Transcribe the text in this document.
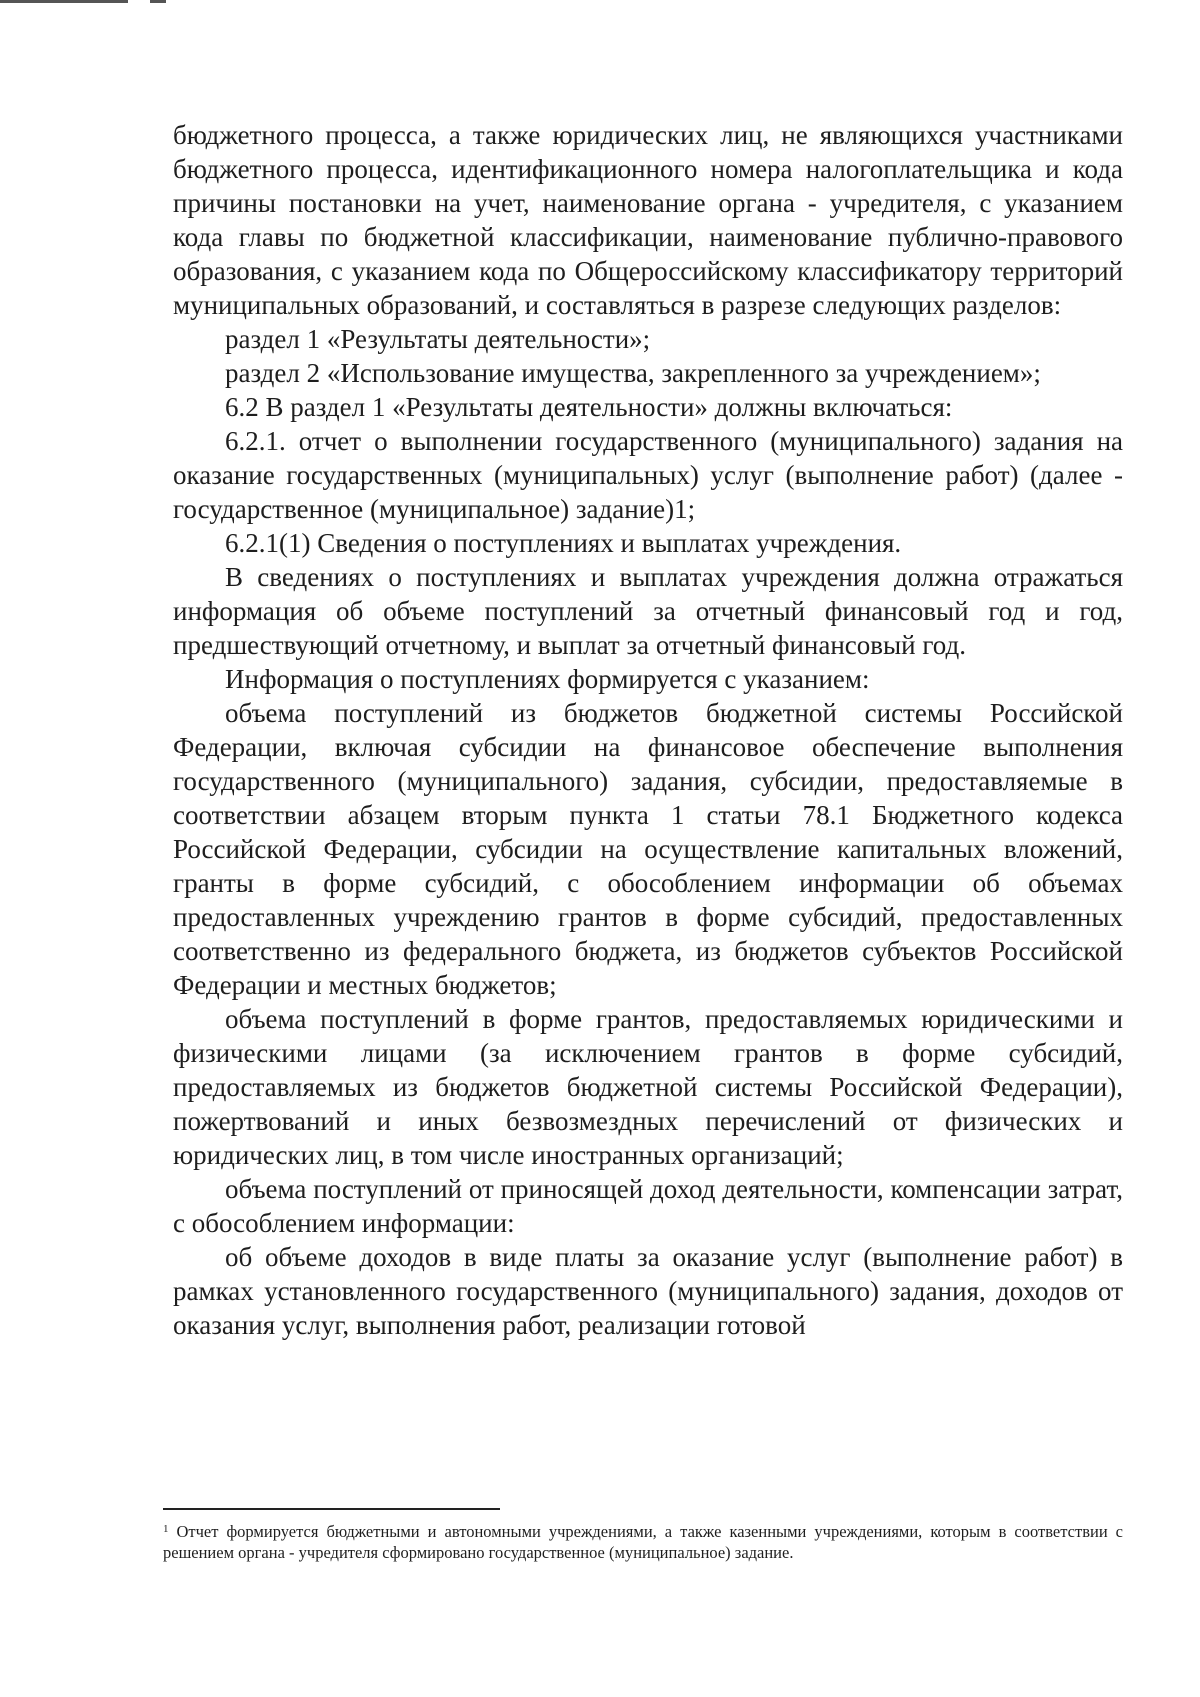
бюджетного процесса, а также юридических лиц, не являющихся участниками бюджетного процесса, идентификационного номера налогоплательщика и кода причины постановки на учет, наименование органа - учредителя, с указанием кода главы по бюджетной классификации, наименование публично-правового образования, с указанием кода по Общероссийскому классификатору территорий муниципальных образований, и составляться в разрезе следующих разделов:

раздел 1 «Результаты деятельности»;

раздел 2 «Использование имущества, закрепленного за учреждением»;

6.2 В раздел 1 «Результаты деятельности» должны включаться:

6.2.1. отчет о выполнении государственного (муниципального) задания на оказание государственных (муниципальных) услуг (выполнение работ) (далее - государственное (муниципальное) задание)1;

6.2.1(1) Сведения о поступлениях и выплатах учреждения.

В сведениях о поступлениях и выплатах учреждения должна отражаться информация об объеме поступлений за отчетный финансовый год и год, предшествующий отчетному, и выплат за отчетный финансовый год.

Информация о поступлениях формируется с указанием:

объема поступлений из бюджетов бюджетной системы Российской Федерации, включая субсидии на финансовое обеспечение выполнения государственного (муниципального) задания, субсидии, предоставляемые в соответствии абзацем вторым пункта 1 статьи 78.1 Бюджетного кодекса Российской Федерации, субсидии на осуществление капитальных вложений, гранты в форме субсидий, с обособлением информации об объемах предоставленных учреждению грантов в форме субсидий, предоставленных соответственно из федерального бюджета, из бюджетов субъектов Российской Федерации и местных бюджетов;

объема поступлений в форме грантов, предоставляемых юридическими и физическими лицами (за исключением грантов в форме субсидий, предоставляемых из бюджетов бюджетной системы Российской Федерации), пожертвований и иных безвозмездных перечислений от физических и юридических лиц, в том числе иностранных организаций;

объема поступлений от приносящей доход деятельности, компенсации затрат, с обособлением информации:

об объеме доходов в виде платы за оказание услуг (выполнение работ) в рамках установленного государственного (муниципального) задания, доходов от оказания услуг, выполнения работ, реализации готовой

$^1$ Отчет формируется бюджетными и автономными учреждениями, а также казенными учреждениями, которым в соответствии с решением органа - учредителя сформировано государственное (муниципальное) задание.
